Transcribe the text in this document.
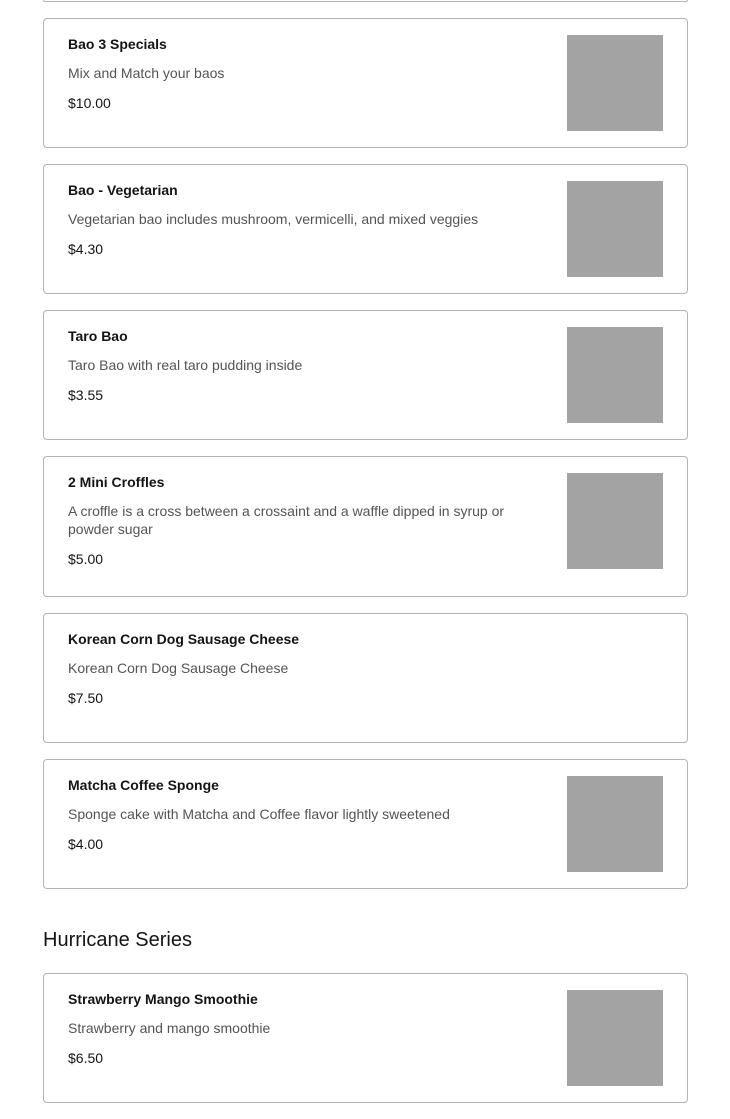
Bao 3 Specials

Mix and Match your baos

$10.00

Bao - Vegetarian

Vegetarian bao includes mushroom, vermicelli, and mixed veggies

$4.30

Taro Bao

Taro Bao with real taro pudding inside

$3.55

2 Mini Croffles

A croffle is a cross between a crossaint and a waffle dipped in syrup or powder sugar

$5.00

Korean Corn Dog Sausage Cheese

Korean Corn Dog Sausage Cheese

$7.50

Matcha Coffee Sponge

Sponge cake with Matcha and Coffee flavor lightly sweetened

$4.00

Hurricane Series

Strawberry Mango Smoothie

Strawberry and mango smoothie

$6.50
